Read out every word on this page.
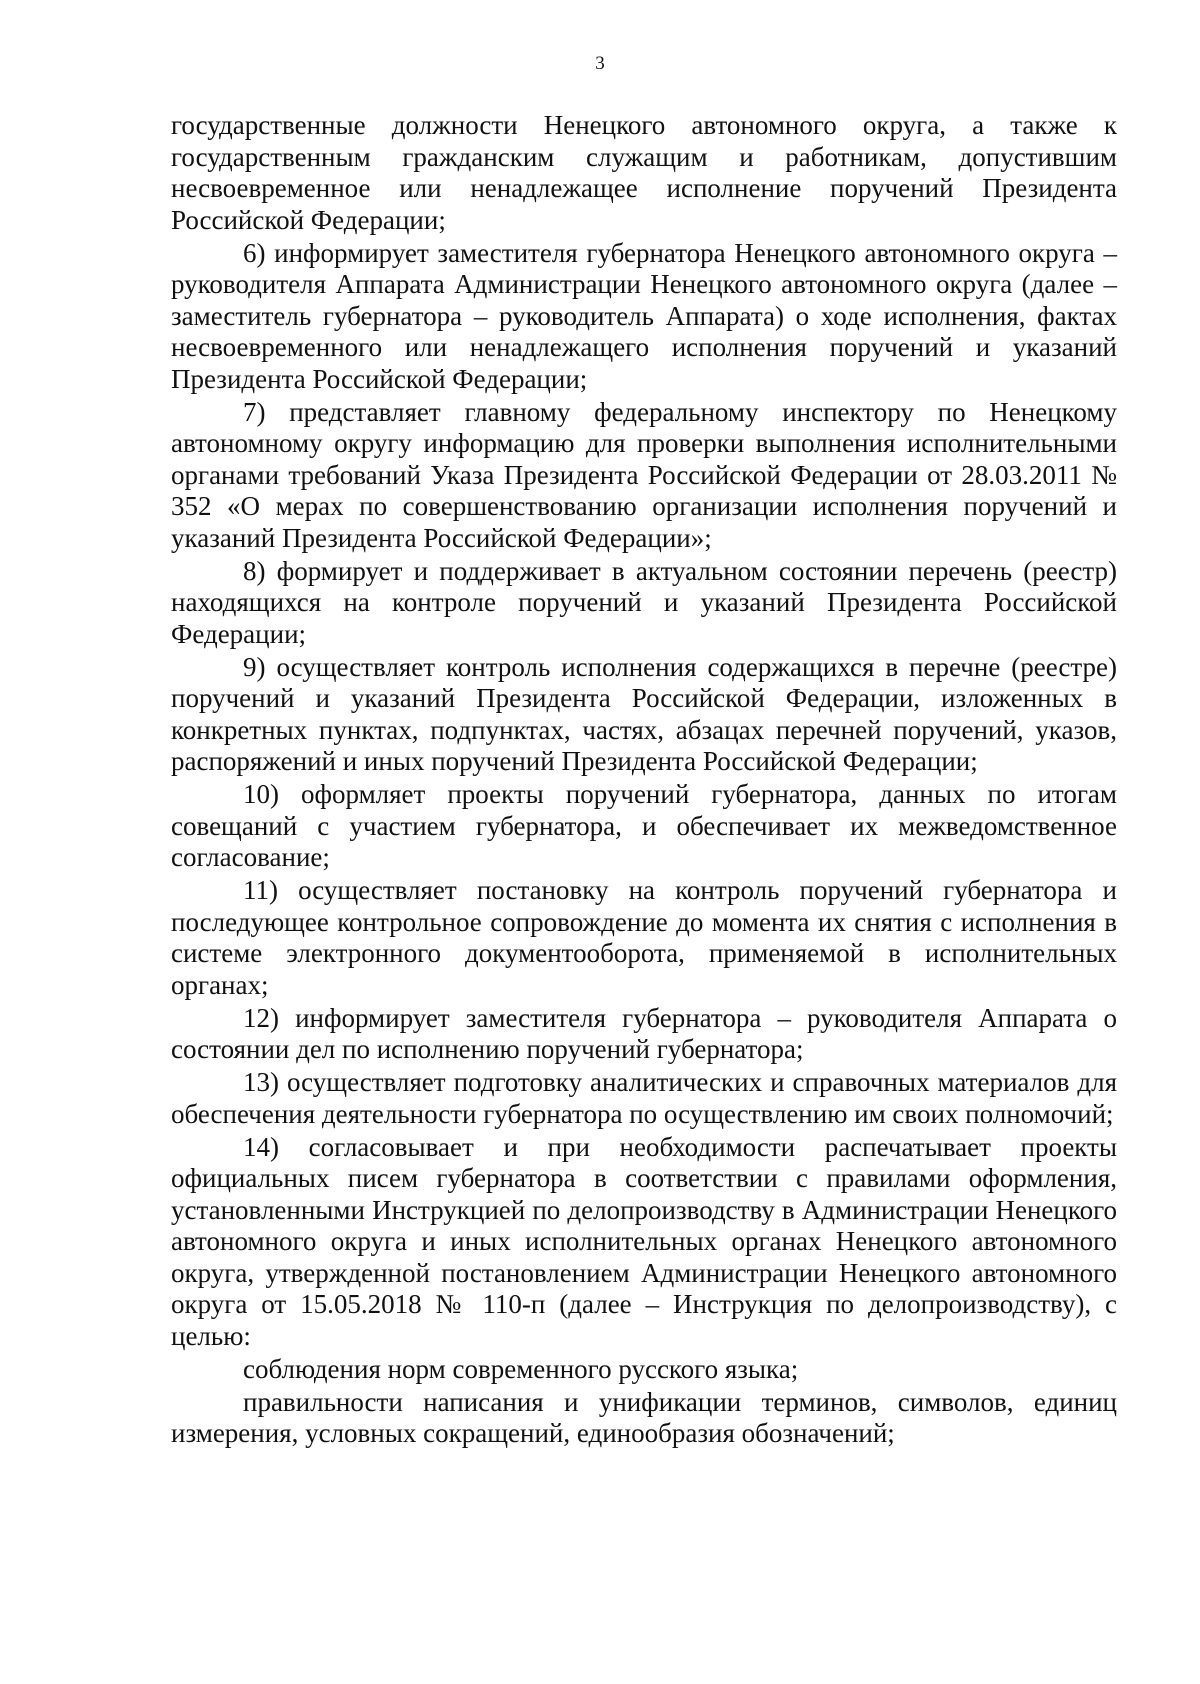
3

государственные должности Ненецкого автономного округа, а также к государственным гражданским служащим и работникам, допустившим несвоевременное или ненадлежащее исполнение поручений Президента Российской Федерации;

6) информирует заместителя губернатора Ненецкого автономного округа – руководителя Аппарата Администрации Ненецкого автономного округа (далее – заместитель губернатора – руководитель Аппарата) о ходе исполнения, фактах несвоевременного или ненадлежащего исполнения поручений и указаний Президента Российской Федерации;

7) представляет главному федеральному инспектору по Ненецкому автономному округу информацию для проверки выполнения исполнительными органами требований Указа Президента Российской Федерации от 28.03.2011 № 352 «О мерах по совершенствованию организации исполнения поручений и указаний Президента Российской Федерации»;

8) формирует и поддерживает в актуальном состоянии перечень (реестр) находящихся на контроле поручений и указаний Президента Российской Федерации;

9) осуществляет контроль исполнения содержащихся в перечне (реестре) поручений и указаний Президента Российской Федерации, изложенных в конкретных пунктах, подпунктах, частях, абзацах перечней поручений, указов, распоряжений и иных поручений Президента Российской Федерации;

10) оформляет проекты поручений губернатора, данных по итогам совещаний с участием губернатора, и обеспечивает их межведомственное согласование;

11) осуществляет постановку на контроль поручений губернатора и последующее контрольное сопровождение до момента их снятия с исполнения в системе электронного документооборота, применяемой в исполнительных органах;

12) информирует заместителя губернатора – руководителя Аппарата о состоянии дел по исполнению поручений губернатора;

13) осуществляет подготовку аналитических и справочных материалов для обеспечения деятельности губернатора по осуществлению им своих полномочий;

14) согласовывает и при необходимости распечатывает проекты официальных писем губернатора в соответствии с правилами оформления, установленными Инструкцией по делопроизводству в Администрации Ненецкого автономного округа и иных исполнительных органах Ненецкого автономного округа, утвержденной постановлением Администрации Ненецкого автономного округа от 15.05.2018 № 110-п (далее – Инструкция по делопроизводству), с целью:

соблюдения норм современного русского языка;

правильности написания и унификации терминов, символов, единиц измерения, условных сокращений, единообразия обозначений;
